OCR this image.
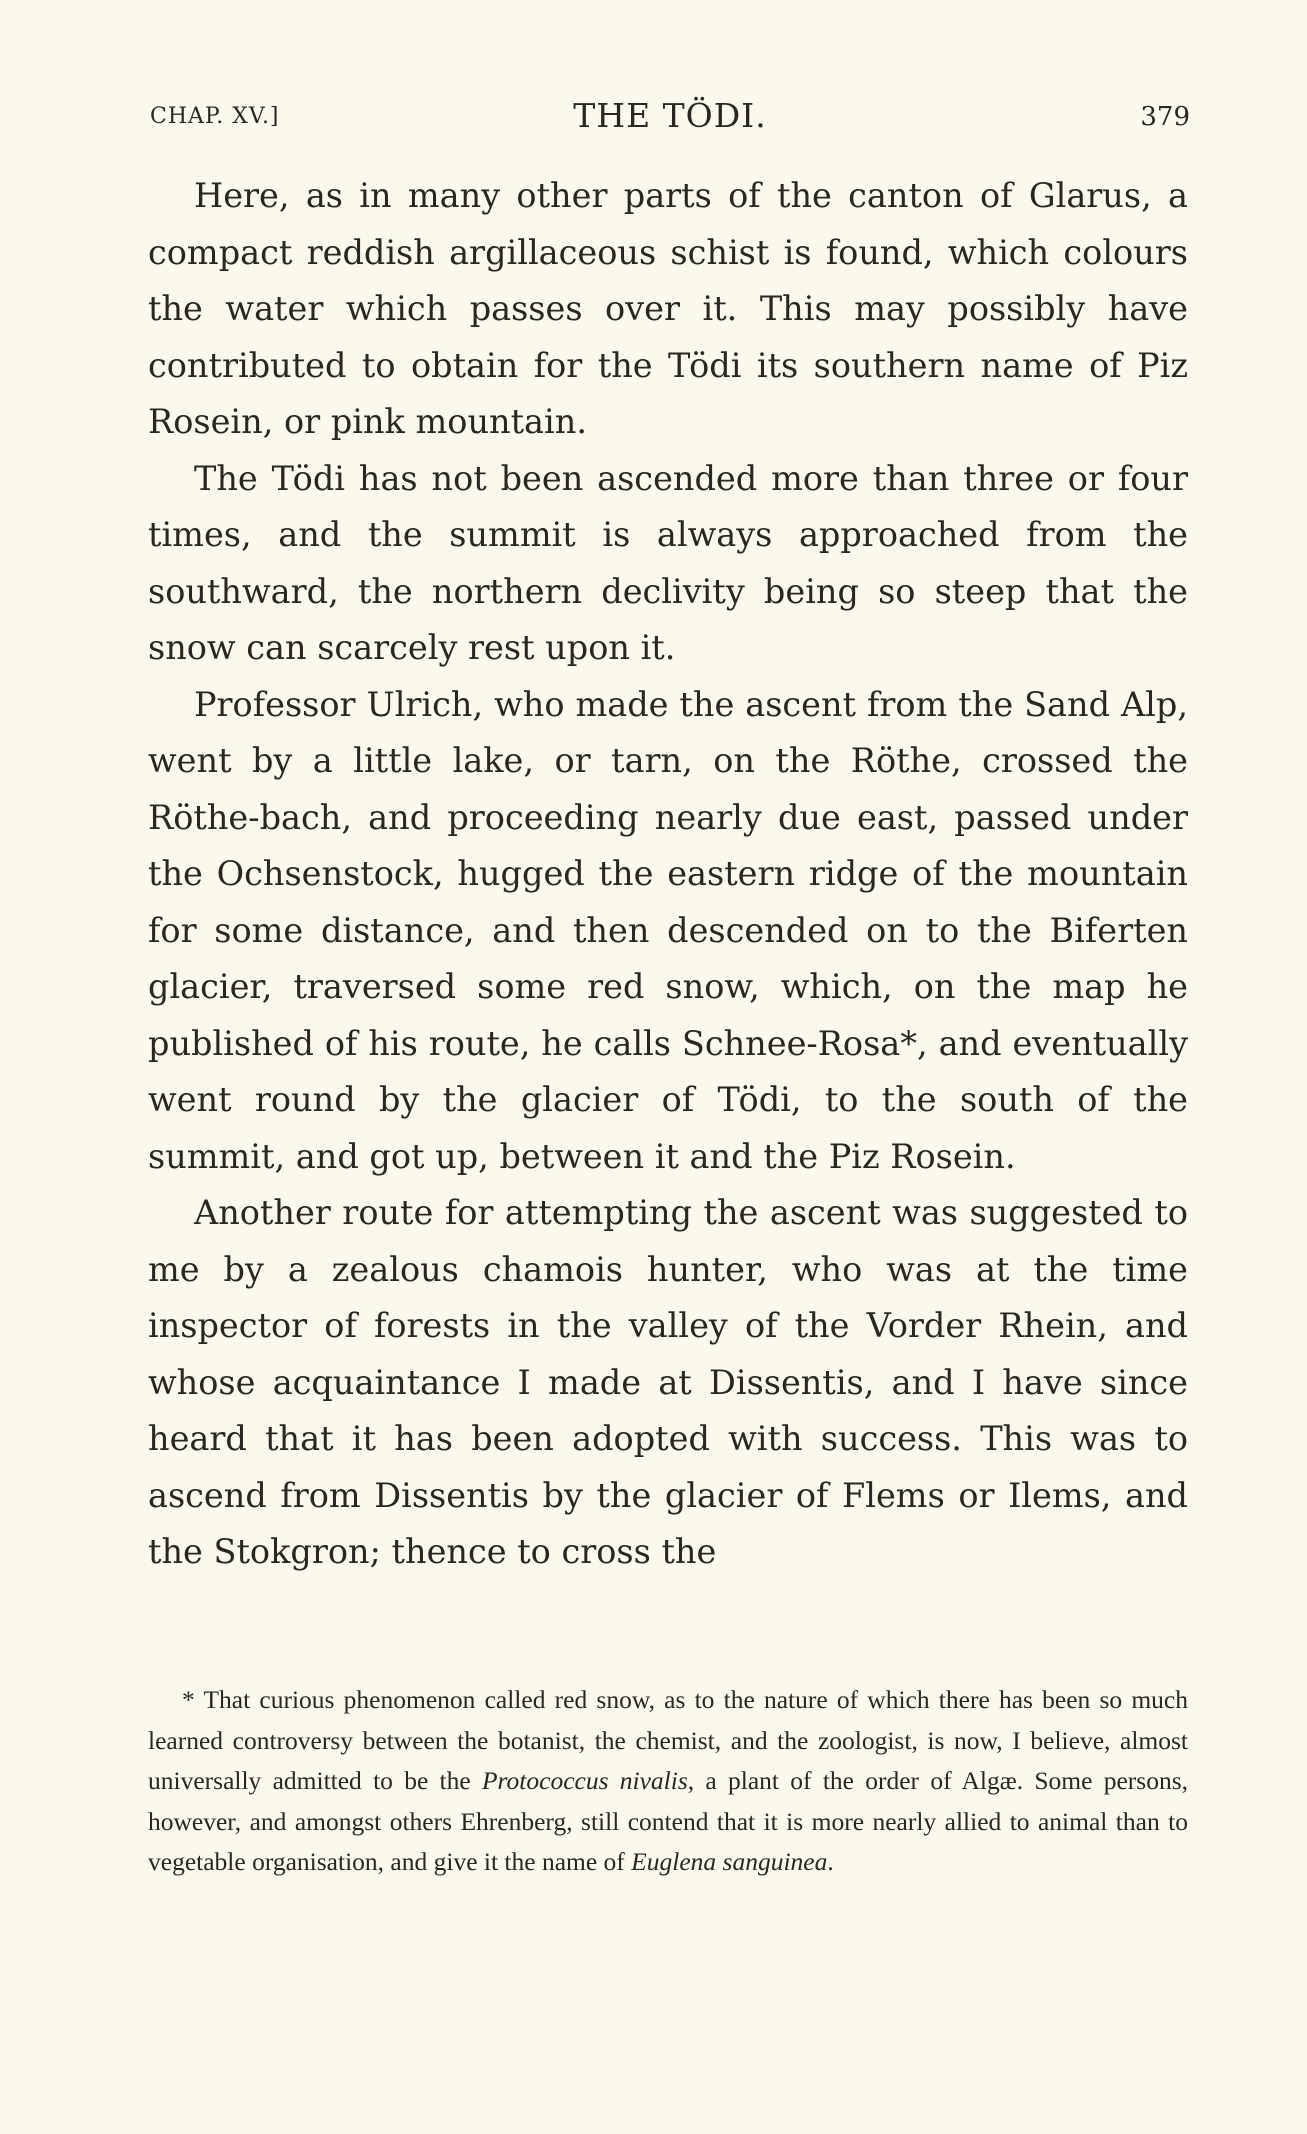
CHAP. XV.]	THE TÖDI.	379

Here, as in many other parts of the canton of Glarus, a compact reddish argillaceous schist is found, which colours the water which passes over it. This may possibly have contributed to obtain for the Tödi its southern name of Piz Rosein, or pink mountain.

The Tödi has not been ascended more than three or four times, and the summit is always approached from the southward, the northern declivity being so steep that the snow can scarcely rest upon it.

Professor Ulrich, who made the ascent from the Sand Alp, went by a little lake, or tarn, on the Röthe, crossed the Röthe-bach, and proceeding nearly due east, passed under the Ochsenstock, hugged the eastern ridge of the mountain for some distance, and then descended on to the Biferten glacier, traversed some red snow, which, on the map he published of his route, he calls Schnee-Rosa*, and eventually went round by the glacier of Tödi, to the south of the summit, and got up, between it and the Piz Rosein.

Another route for attempting the ascent was suggested to me by a zealous chamois hunter, who was at the time inspector of forests in the valley of the Vorder Rhein, and whose acquaintance I made at Dissentis, and I have since heard that it has been adopted with success. This was to ascend from Dissentis by the glacier of Flems or Ilems, and the Stokgron; thence to cross the

* That curious phenomenon called red snow, as to the nature of which there has been so much learned controversy between the botanist, the chemist, and the zoologist, is now, I believe, almost universally admitted to be the Protococcus nivalis, a plant of the order of Algæ. Some persons, however, and amongst others Ehrenberg, still contend that it is more nearly allied to animal than to vegetable organisation, and give it the name of Euglena sanguinea.
